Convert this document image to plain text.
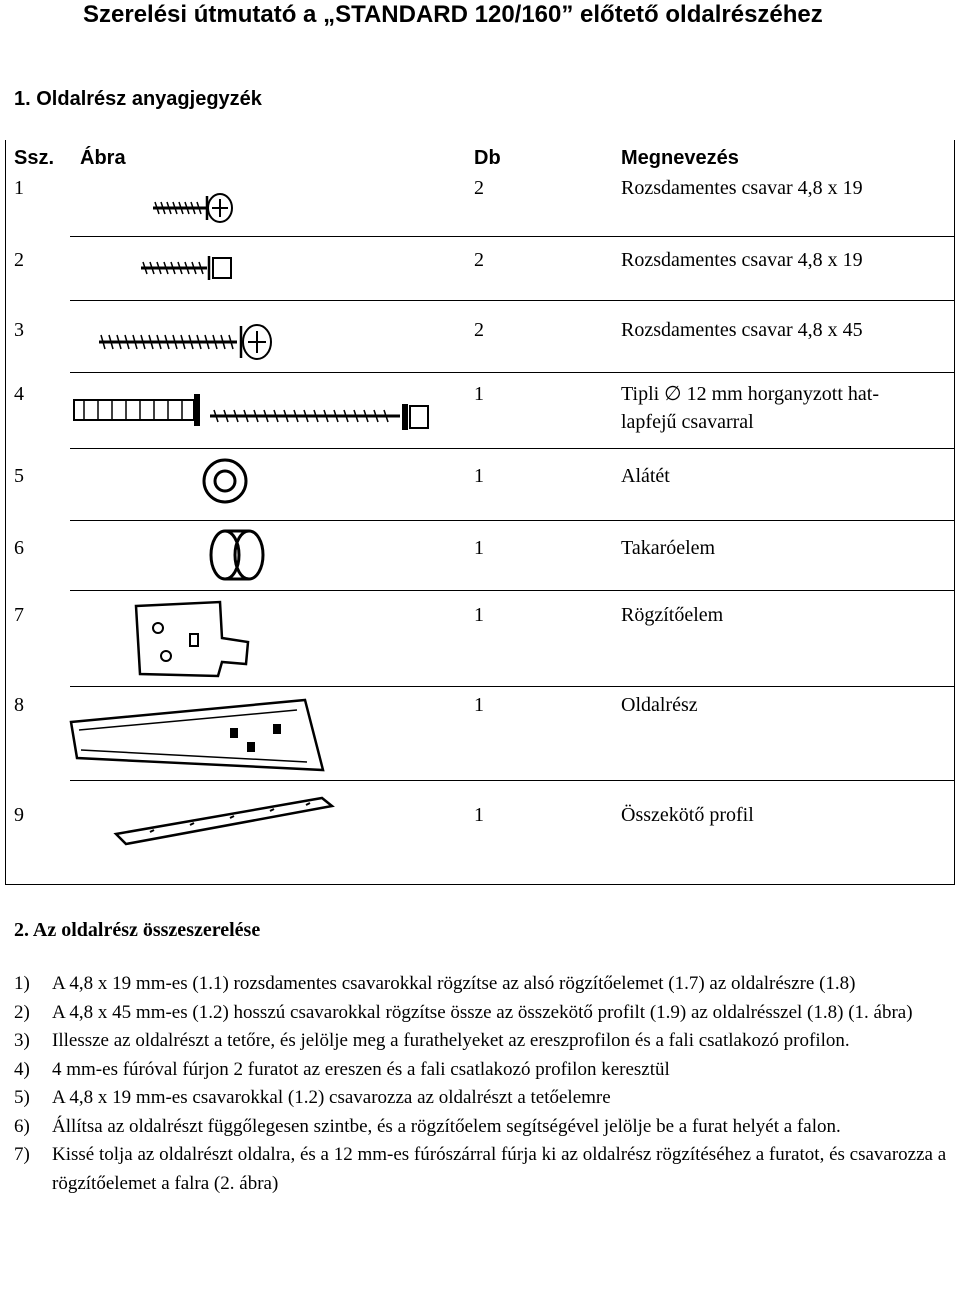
Szerelési útmutató a „STANDARD 120/160” előtető oldalrészéhez
1. Oldalrész anyagjegyzék
Ssz. Ábra	Db	Megnevezés
1	2	Rozsdamentes csavar 4,8 x 19
2	2	Rozsdamentes csavar 4,8 x 19
3	2	Rozsdamentes csavar 4,8 x 45
4	1	Tipli ∅ 12 mm horganyzott hat-
lapfejű csavarral
5	1	Alátét
6	1	Takaróelem
7	1	Rögzítőelem
8	1	Oldalrész
9	1	Összekötő profil
2. Az oldalrész összeszerelése
1)	A 4,8 x 19 mm-es (1.1) rozsdamentes csavarokkal rögzítse az alsó rögzítőelemet (1.7) az oldalrészre (1.8)
2)	A 4,8 x 45 mm-es (1.2) hosszú csavarokkal rögzítse össze az összekötő profilt (1.9) az oldalrésszel (1.8) (1. ábra)
3)	Illessze az oldalrészt a tetőre, és jelölje meg a furathelyeket az ereszprofilon és a fali csatlakozó profilon.
4)	4 mm-es fúróval fúrjon 2 furatot az ereszen és a fali csatlakozó profilon keresztül
5)	A 4,8 x 19 mm-es csavarokkal (1.2) csavarozza az oldalrészt a tetőelemre
6)	Állítsa az oldalrészt függőlegesen szintbe, és a rögzítőelem segítségével jelölje be a furat helyét a falon.
7)	Kissé tolja az oldalrészt oldalra, és a 12 mm-es fúrószárral fúrja ki az oldalrész rögzítéséhez a furatot, és csavarozza a rögzítőelemet a falra (2. ábra)
